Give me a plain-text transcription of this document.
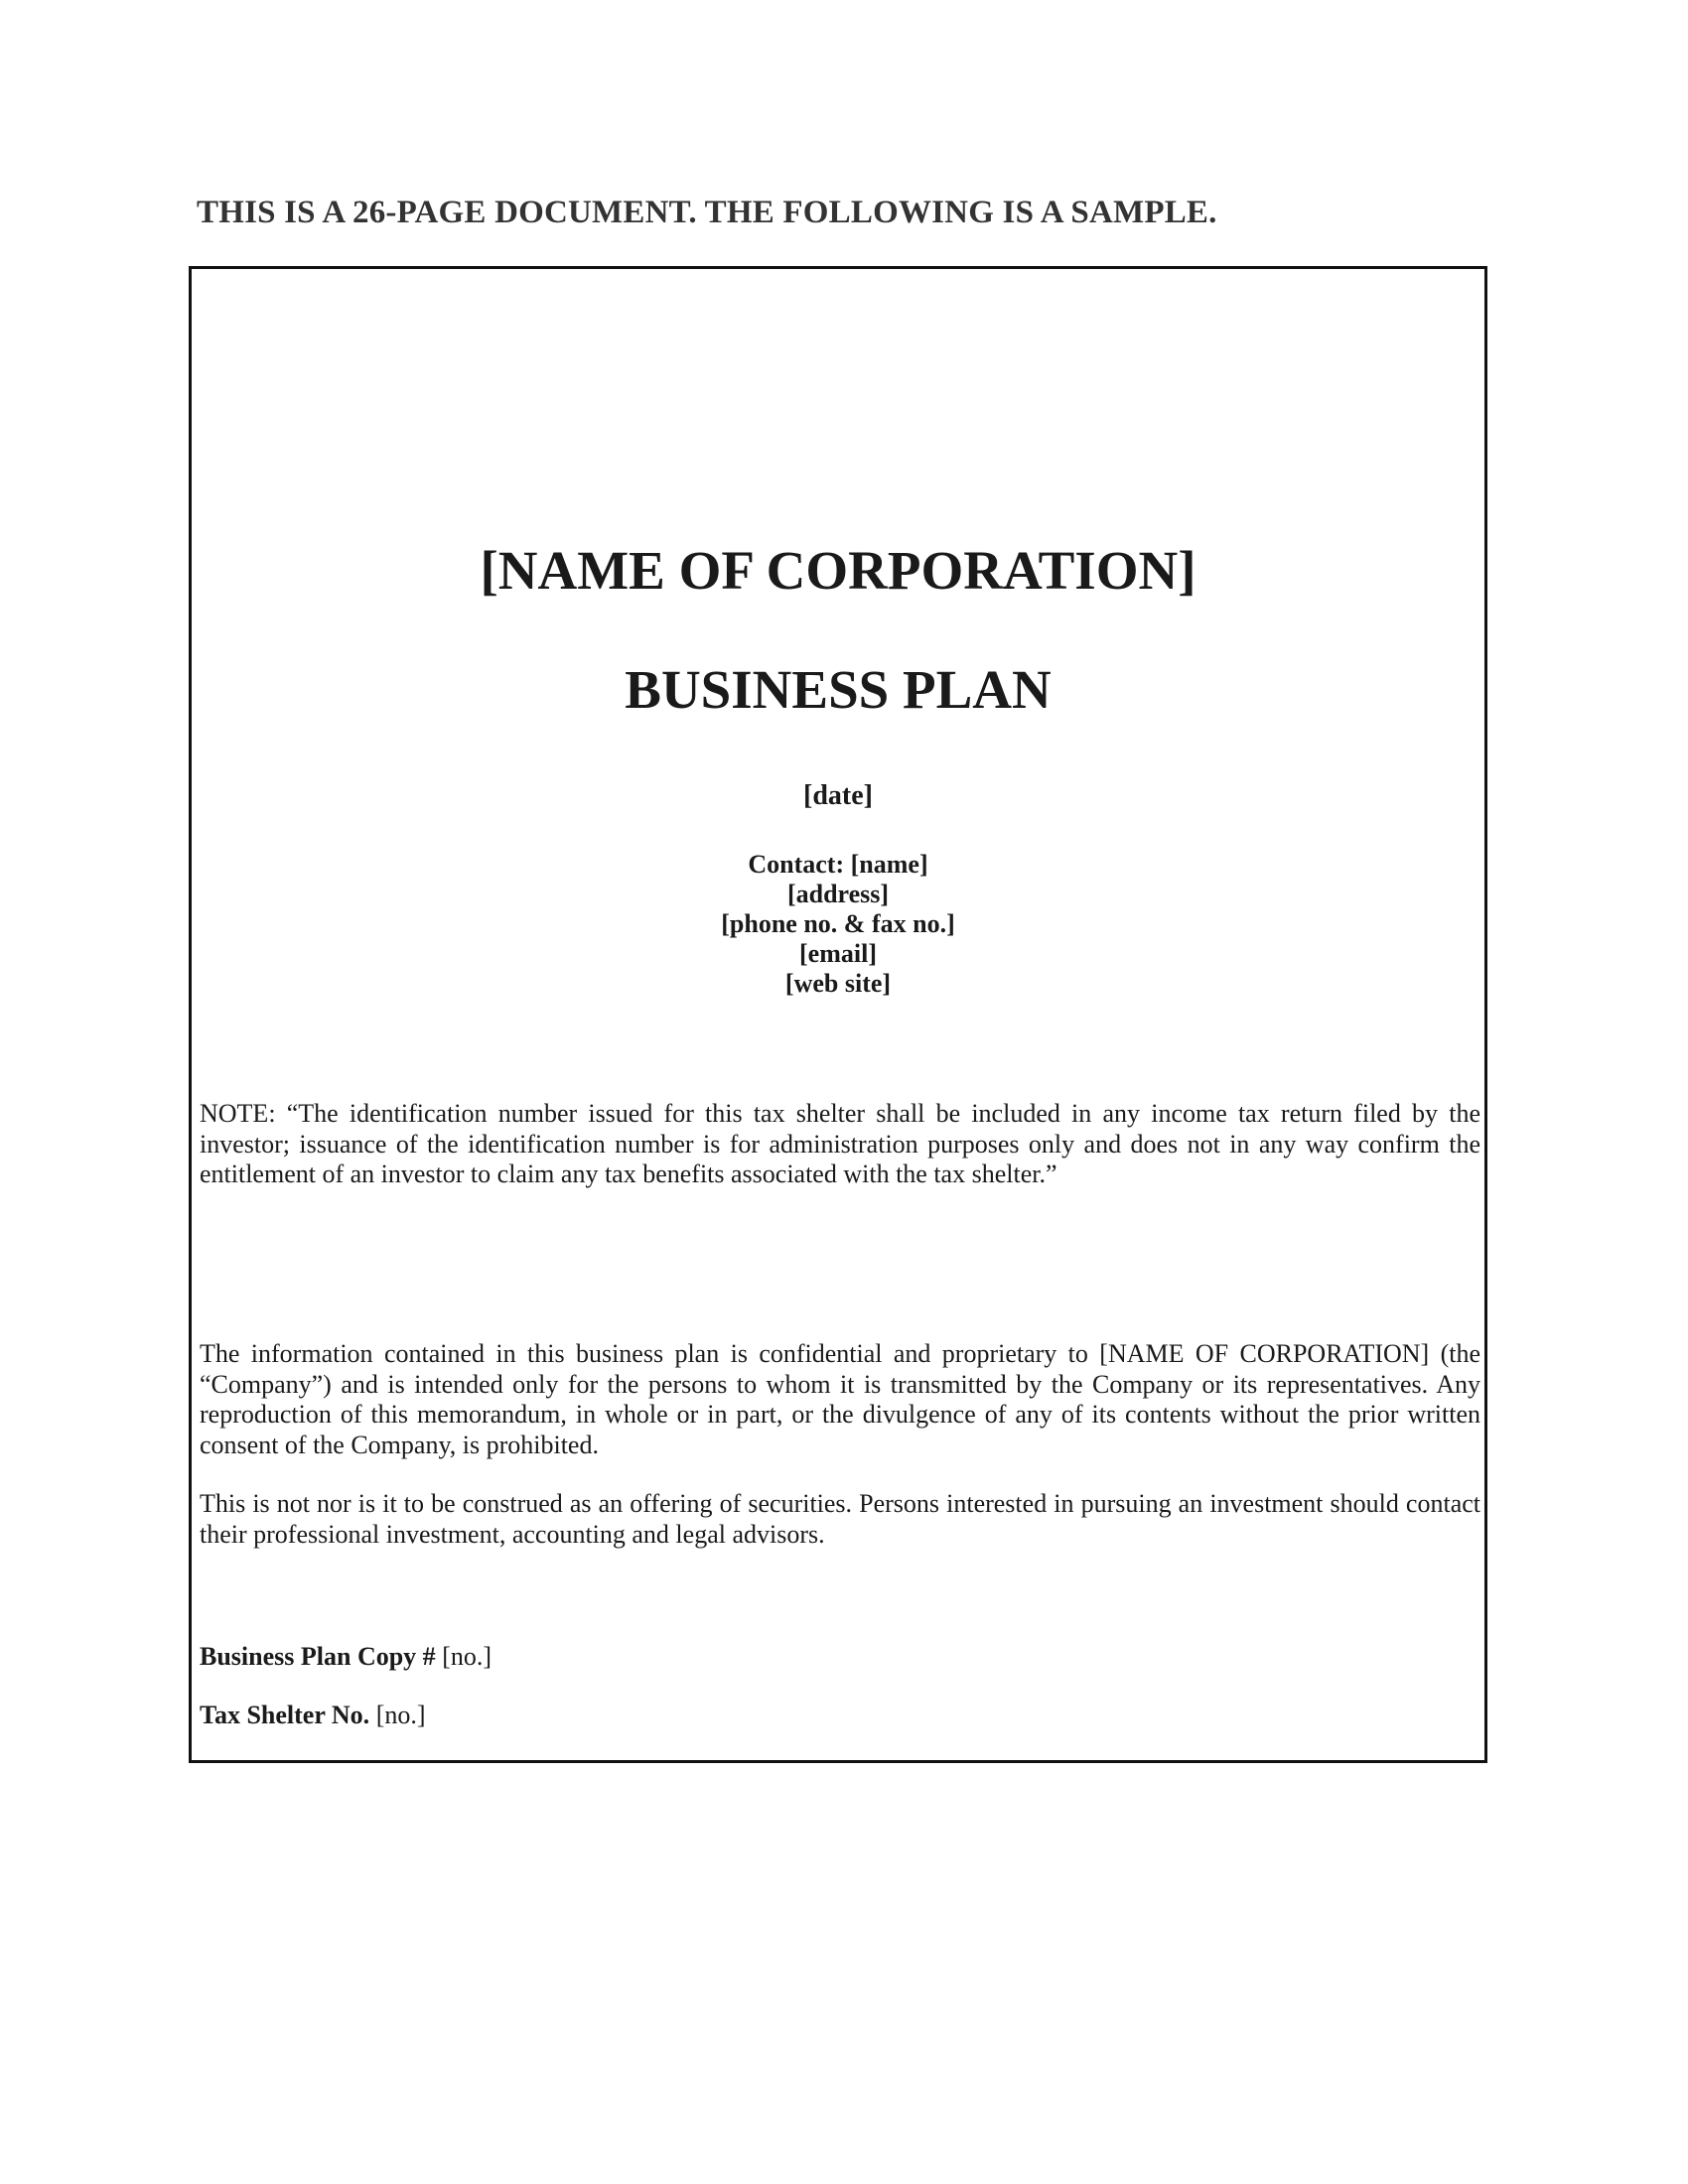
THIS IS A 26-PAGE DOCUMENT. THE FOLLOWING IS A SAMPLE.
[NAME OF CORPORATION]
BUSINESS PLAN
[date]
Contact: [name]
[address]
[phone no. & fax no.]
[email]
[web site]
NOTE: “The identification number issued for this tax shelter shall be included in any income tax return filed by the investor; issuance of the identification number is for administration purposes only and does not in any way confirm the entitlement of an investor to claim any tax benefits associated with the tax shelter.”
The information contained in this business plan is confidential and proprietary to [NAME OF CORPORATION] (the “Company”) and is intended only for the persons to whom it is transmitted by the Company or its representatives. Any reproduction of this memorandum, in whole or in part, or the divulgence of any of its contents without the prior written consent of the Company, is prohibited.
This is not nor is it to be construed as an offering of securities. Persons interested in pursuing an investment should contact their professional investment, accounting and legal advisors.
Business Plan Copy # [no.]
Tax Shelter No. [no.]
